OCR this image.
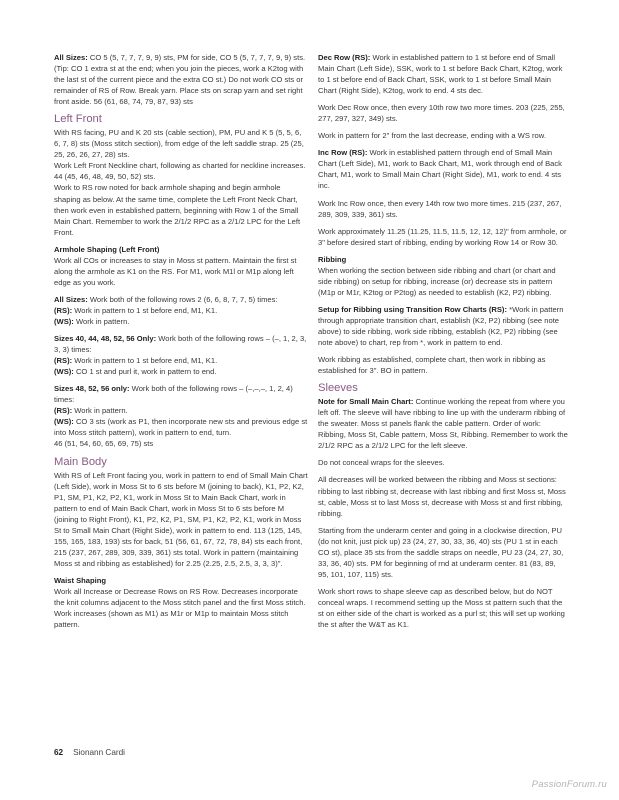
All Sizes: CO 5 (5, 7, 7, 7, 9, 9) sts, PM for side, CO 5 (5, 7, 7, 7, 9, 9) sts. (Tip: CO 1 extra st at the end; when you join the pieces, work a K2tog with the last st of the current piece and the extra CO st.) Do not work CO sts or remainder of RS of Row. Break yarn. Place sts on scrap yarn and set right front aside. 56 (61, 68, 74, 79, 87, 93) sts

Left Front

With RS facing, PU and K 20 sts (cable section), PM, PU and K 5 (5, 5, 6, 6, 7, 8) sts (Moss stitch section), from edge of the left saddle strap. 25 (25, 25, 26, 26, 27, 28) sts.

Work Left Front Neckline chart, following as charted for neckline increases. 44 (45, 46, 48, 49, 50, 52) sts.

Work to RS row noted for back armhole shaping and begin armhole shaping as below. At the same time, complete the Left Front Neck Chart, then work even in established pattern, beginning with Row 1 of the Small Main Chart. Remember to work the 2/1/2 RPC as a 2/1/2 LPC for the Left Front.

Armhole Shaping (Left Front)

Work all COs or increases to stay in Moss st pattern. Maintain the first st along the armhole as K1 on the RS. For M1, work M1l or M1p along left edge as you work.

All Sizes: Work both of the following rows 2 (6, 6, 8, 7, 7, 5) times:

(RS): Work in pattern to 1 st before end, M1, K1.

(WS): Work in pattern.

Sizes 40, 44, 48, 52, 56 Only: Work both of the following rows – (–, 1, 2, 3, 3, 3) times:

(RS): Work in pattern to 1 st before end, M1, K1.

(WS): CO 1 st and purl it, work in pattern to end.

Sizes 48, 52, 56 only: Work both of the following rows – (–,–,–, 1, 2, 4) times:

(RS): Work in pattern.

(WS): CO 3 sts (work as P1, then incorporate new sts and previous edge st into Moss stitch pattern), work in pattern to end, turn.

46 (51, 54, 60, 65, 69, 75) sts

Main Body

With RS of Left Front facing you, work in pattern to end of Small Main Chart (Left Side), work in Moss St to 6 sts before M (joining to back), K1, P2, K2, P1, SM, P1, K2, P2, K1, work in Moss St to Main Back Chart, work in pattern to end of Main Back Chart, work in Moss St to 6 sts before M (joining to Right Front), K1, P2, K2, P1, SM, P1, K2, P2, K1, work in Moss St to Small Main Chart (Right Side), work in pattern to end. 113 (125, 145, 155, 165, 183, 193) sts for back, 51 (56, 61, 67, 72, 78, 84) sts each front, 215 (237, 267, 289, 309, 339, 361) sts total. Work in pattern (maintaining Moss st and ribbing as established) for 2.25 (2.25, 2.5, 2.5, 3, 3, 3)".

Waist Shaping

Work all Increase or Decrease Rows on RS Row. Decreases incorporate the knit columns adjacent to the Moss stitch panel and the first Moss stitch. Work increases (shown as M1) as M1r or M1p to maintain Moss stitch pattern.

Dec Row (RS): Work in established pattern to 1 st before end of Small Main Chart (Left Side), SSK, work to 1 st before Back Chart, K2tog, work to 1 st before end of Back Chart, SSK, work to 1 st before Small Main Chart (Right Side), K2tog, work to end. 4 sts dec.

Work Dec Row once, then every 10th row two more times. 203 (225, 255, 277, 297, 327, 349) sts.

Work in pattern for 2" from the last decrease, ending with a WS row.

Inc Row (RS): Work in established pattern through end of Small Main Chart (Left Side), M1, work to Back Chart, M1, work through end of Back Chart, M1, work to Small Main Chart (Right Side), M1, work to end. 4 sts inc.

Work Inc Row once, then every 14th row two more times. 215 (237, 267, 289, 309, 339, 361) sts.

Work approximately 11.25 (11.25, 11.5, 11.5, 12, 12, 12)" from armhole, or 3" before desired start of ribbing, ending by working Row 14 or Row 30.

Ribbing

When working the section between side ribbing and chart (or chart and side ribbing) on setup for ribbing, increase (or) decrease sts in pattern (M1p or M1r, K2tog or P2tog) as needed to establish (K2, P2) ribbing.

Setup for Ribbing using Transition Row Charts (RS): *Work in pattern through appropriate transition chart, establish (K2, P2) ribbing (see note above) to side ribbing, work side ribbing, establish (K2, P2) ribbing (see note above) to chart, rep from *, work in pattern to end.

Work ribbing as established, complete chart, then work in ribbing as established for 3". BO in pattern.

Sleeves

Note for Small Main Chart: Continue working the repeat from where you left off. The sleeve will have ribbing to line up with the underarm ribbing of the sweater. Moss st panels flank the cable pattern. Order of work: Ribbing, Moss St, Cable pattern, Moss St, Ribbing. Remember to work the 2/1/2 RPC as a 2/1/2 LPC for the left sleeve.

Do not conceal wraps for the sleeves.

All decreases will be worked between the ribbing and Moss st sections: ribbing to last ribbing st, decrease with last ribbing and first Moss st, Moss st, cable, Moss st to last Moss st, decrease with Moss st and first ribbing, ribbing.

Starting from the underarm center and going in a clockwise direction, PU (do not knit, just pick up) 23 (24, 27, 30, 33, 36, 40) sts (PU 1 st in each CO st), place 35 sts from the saddle straps on needle, PU 23 (24, 27, 30, 33, 36, 40) sts. PM for beginning of rnd at underarm center. 81 (83, 89, 95, 101, 107, 115) sts.

Work short rows to shape sleeve cap as described below, but do NOT conceal wraps. I recommend setting up the Moss st pattern such that the st on either side of the chart is worked as a purl st; this will set up working the st after the W&T as K1.

62 Sionann Cardi
PassionForum.ru
